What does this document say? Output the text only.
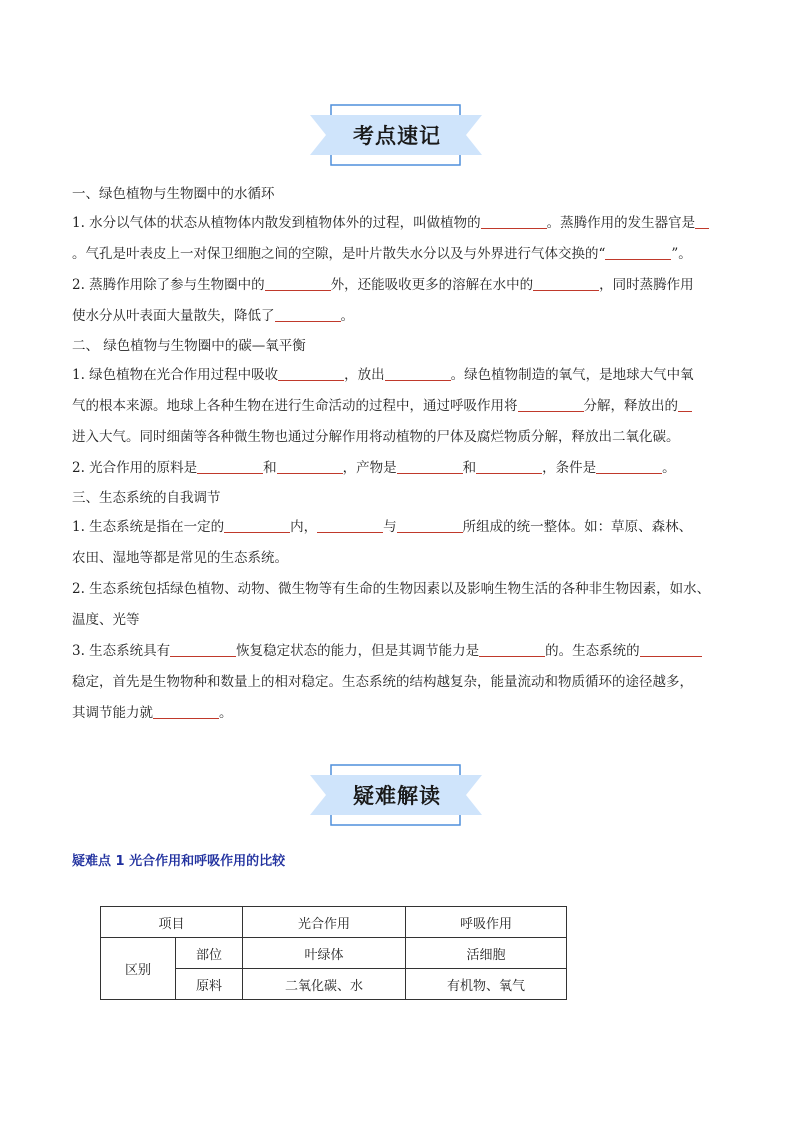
考点速记
一、绿色植物与生物圈中的水循环
1. 水分以气体的状态从植物体内散发到植物体外的过程，叫做植物的	。蒸腾作用的发生器官是
。气孔是叶表皮上一对保卫细胞之间的空隙，是叶片散失水分以及与外界进行气体交换的“	”。
2. 蒸腾作用除了参与生物圈中的	外，还能吸收更多的溶解在水中的	，同时蒸腾作用
使水分从叶表面大量散失，降低了	。
二、 绿色植物与生物圈中的碳—氧平衡
1. 绿色植物在光合作用过程中吸收	，放出	。绿色植物制造的氧气，是地球大气中氧
气的根本来源。地球上各种生物在进行生命活动的过程中，通过呼吸作用将	分解，释放出的
进入大气。同时细菌等各种微生物也通过分解作用将动植物的尸体及腐烂物质分解，释放出二氧化碳。
2. 光合作用的原料是	和	，产物是	和	，条件是	。
三、生态系统的自我调节
1. 生态系统是指在一定的	内，	与	所组成的统一整体。如：草原、森林、
农田、湿地等都是常见的生态系统。
2. 生态系统包括绿色植物、动物、微生物等有生命的生物因素以及影响生物生活的各种非生物因素，如水、
温度、光等
3. 生态系统具有	恢复稳定状态的能力，但是其调节能力是	的。生态系统的
稳定，首先是生物物种和数量上的相对稳定。生态系统的结构越复杂，能量流动和物质循环的途径越多，
其调节能力就	。
疑难解读
疑难点 1 光合作用和呼吸作用的比较
项目		光合作用	呼吸作用
区别	部位	叶绿体	活细胞
	原料	二氧化碳、水	有机物、氧气
